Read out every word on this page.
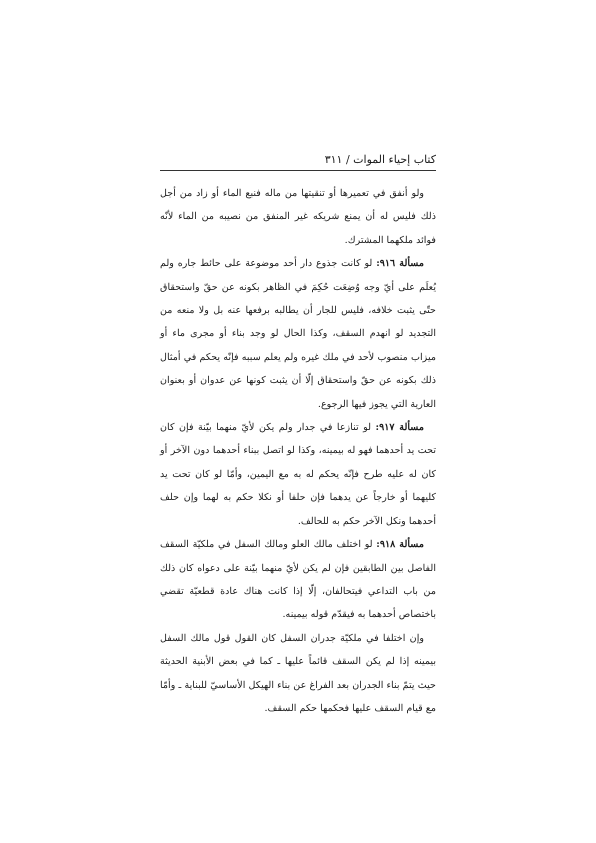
كتاب إحياء الموات / ٣١١

ولو أنفق في تعميرها أو تنقيتها من ماله فنبع الماء أو زاد من أجل ذلك فليس له أن يمنع شريكه غير المنفق من نصيبه من الماء لأنّه فوائد ملكهما المشترك.

مسألة ٩١٦: لو كانت جذوع دار أحد موضوعة على حائط جاره ولم يُعلَم على أيّ وجه وُضِعَت حُكِمَ في الظاهر بكونه عن حقّ واستحقاق حتّى يثبت خلافه، فليس للجار أن يطالبه برفعها عنه بل ولا منعه من التجديد لو انهدم السقف، وكذا الحال لو وجد بناء أو مجرى ماء أو ميزاب منصوب لأحد في ملك غيره ولم يعلم سببه فإنّه يحكم في أمثال ذلك بكونه عن حقّ واستحقاق إلّا أن يثبت كونها عن عدوان أو بعنوان العارية التي يجوز فيها الرجوع.

مسألة ٩١٧: لو تنازعا في جدار ولم يكن لأيّ منهما بيّنة فإن كان تحت يد أحدهما فهو له بيمينه، وكذا لو اتصل ببناء أحدهما دون الآخر أو كان له عليه طرح فإنّه يحكم له به مع اليمين، وأمّا لو كان تحت يد كليهما أو خارجاً عن يدهما فإن حلفا أو نكلا حكم به لهما وإن حلف أحدهما ونكل الآخر حكم به للحالف.

مسألة ٩١٨: لو اختلف مالك العلو ومالك السفل في ملكيّة السقف الفاصل بين الطابقين فإن لم يكن لأيّ منهما بيّنة على دعواه كان ذلك من باب التداعي فيتحالفان، إلّا إذا كانت هناك عادة قطعيّة تقضي باختصاص أحدهما به فيقدّم قوله بيمينه.

وإن اختلفا في ملكيّة جدران السفل كان القول قول مالك السفل بيمينه إذا لم يكن السقف قائماً عليها ـ كما في بعض الأبنية الحديثة حيث يتمّ بناء الجدران بعد الفراغ عن بناء الهيكل الأساسيّ للبناية ـ وأمّا مع قيام السقف عليها فحكمها حكم السقف.
